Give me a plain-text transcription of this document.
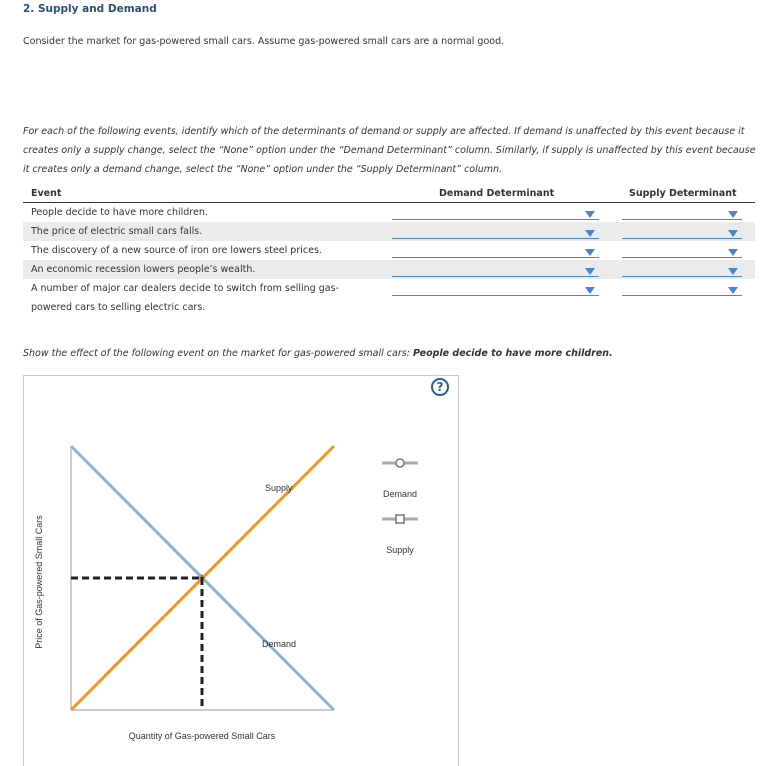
2. Supply and Demand
Consider the market for gas-powered small cars. Assume gas-powered small cars are a normal good.
For each of the following events, identify which of the determinants of demand or supply are affected. If demand is unaffected by this event because it creates only a supply change, select the “None” option under the “Demand Determinant” column. Similarly, if supply is unaffected by this event because it creates only a demand change, select the “None” option under the “Supply Determinant” column.
Event	Demand Determinant	Supply Determinant
People decide to have more children.
The price of electric small cars falls.
The discovery of a new source of iron ore lowers steel prices.
An economic recession lowers people’s wealth.
A number of major car dealers decide to switch from selling gas-powered cars to selling electric cars.
Show the effect of the following event on the market for gas-powered small cars: People decide to have more children.
?
+
Supply
Demand
Price of Gas-powered Small Cars
Quantity of Gas-powered Small Cars
Demand
Supply
